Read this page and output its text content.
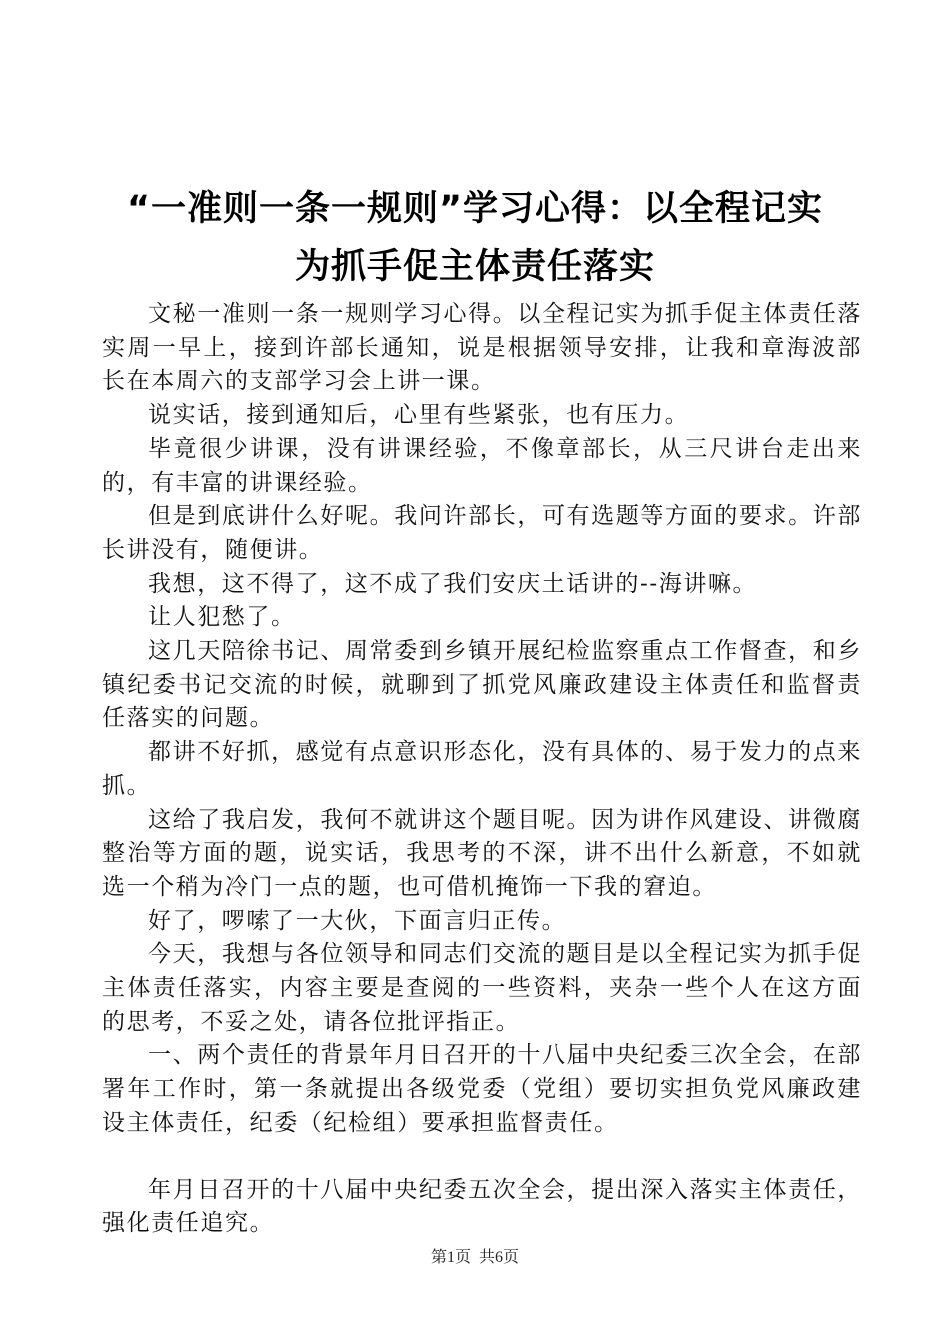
“一准则一条一规则”学习心得：以全程记实
为抓手促主体责任落实

文秘一准则一条一规则学习心得。以全程记实为抓手促主体责任落实周一早上，接到许部长通知，说是根据领导安排，让我和章海波部长在本周六的支部学习会上讲一课。

说实话，接到通知后，心里有些紧张，也有压力。

毕竟很少讲课，没有讲课经验，不像章部长，从三尺讲台走出来的，有丰富的讲课经验。

但是到底讲什么好呢。我问许部长，可有选题等方面的要求。许部长讲没有，随便讲。

我想，这不得了，这不成了我们安庆土话讲的--海讲嘛。

让人犯愁了。

这几天陪徐书记、周常委到乡镇开展纪检监察重点工作督查，和乡镇纪委书记交流的时候，就聊到了抓党风廉政建设主体责任和监督责任落实的问题。

都讲不好抓，感觉有点意识形态化，没有具体的、易于发力的点来抓。

这给了我启发，我何不就讲这个题目呢。因为讲作风建设、讲微腐整治等方面的题，说实话，我思考的不深，讲不出什么新意，不如就选一个稍为冷门一点的题，也可借机掩饰一下我的窘迫。

好了，啰嗦了一大伙，下面言归正传。

今天，我想与各位领导和同志们交流的题目是以全程记实为抓手促主体责任落实，内容主要是查阅的一些资料，夹杂一些个人在这方面的思考，不妥之处，请各位批评指正。

一、两个责任的背景年月日召开的十八届中央纪委三次全会，在部署年工作时，第一条就提出各级党委（党组）要切实担负党风廉政建设主体责任，纪委（纪检组）要承担监督责任。

年月日召开的十八届中央纪委五次全会，提出深入落实主体责任，强化责任追究。

第1页  共6页
